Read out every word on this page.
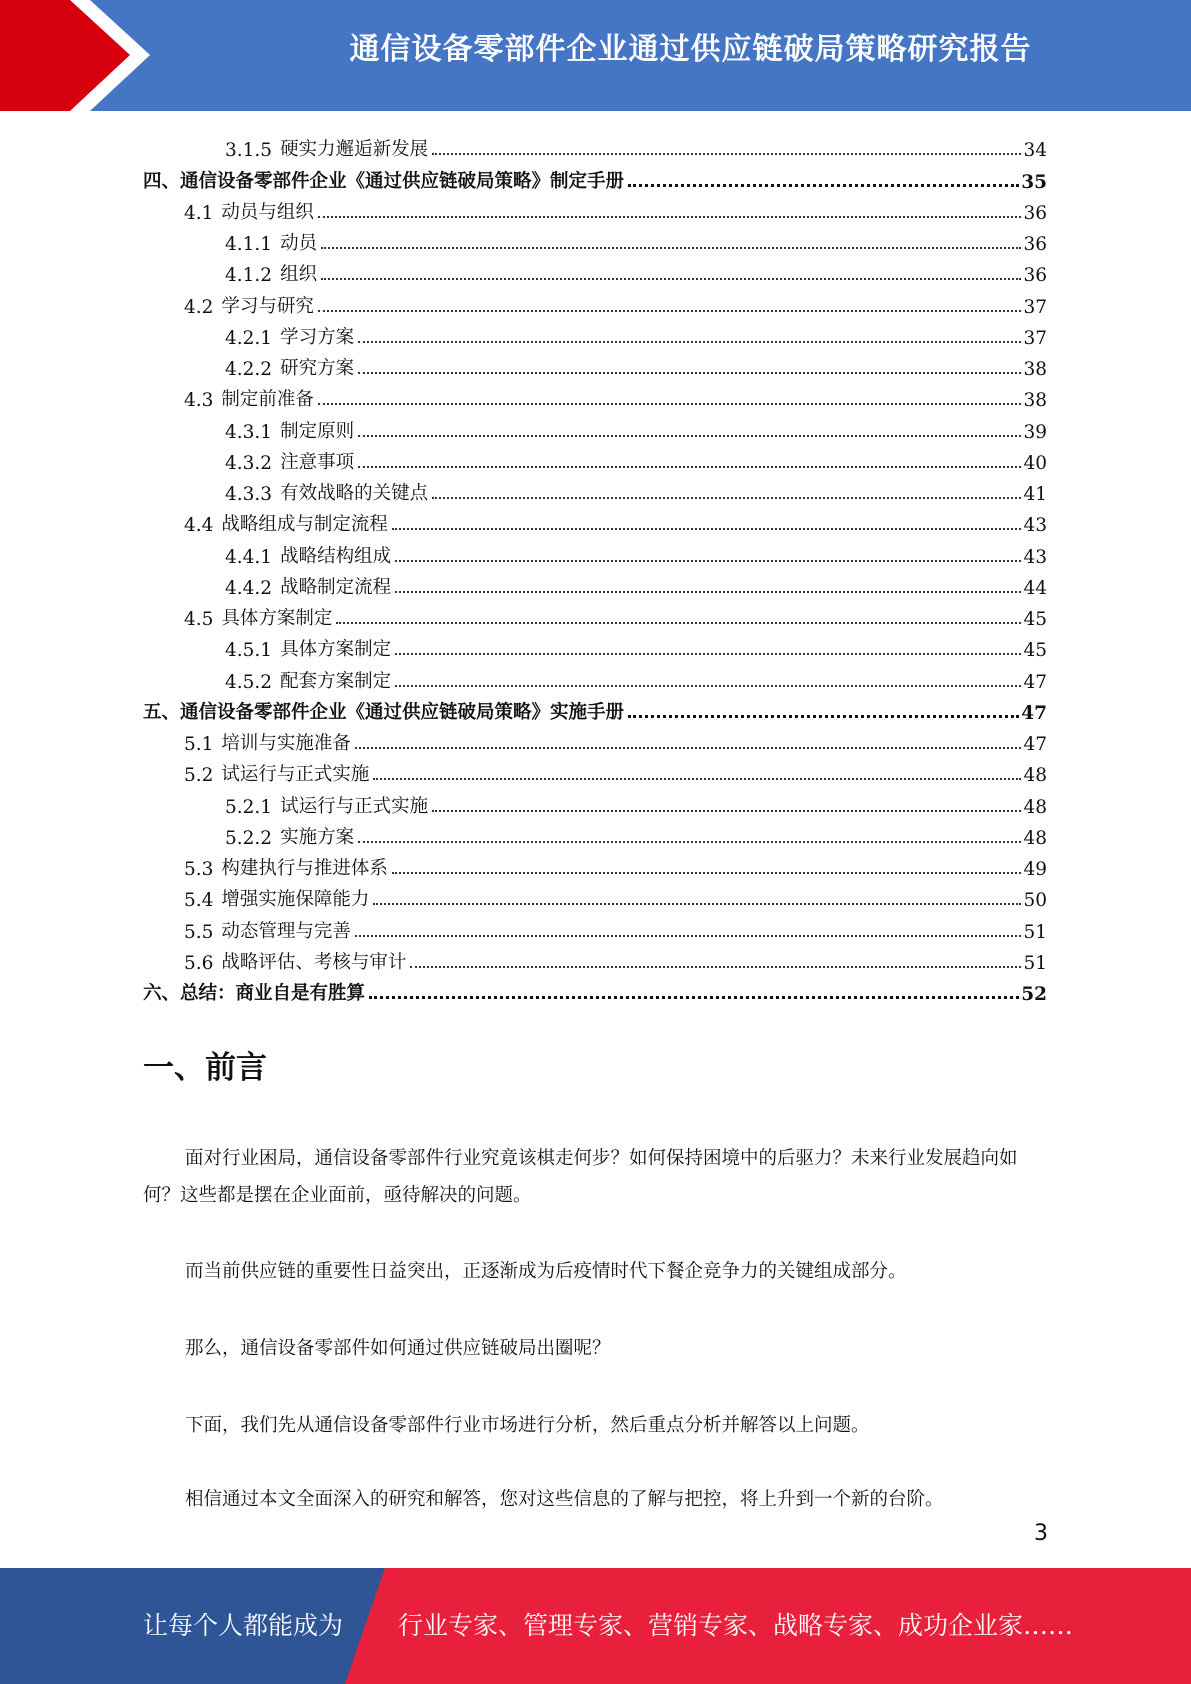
通信设备零部件企业通过供应链破局策略研究报告
3.1.5 硬实力邂逅新发展	34
四、通信设备零部件企业《通过供应链破局策略》制定手册	35
4.1 动员与组织	36
4.1.1 动员	36
4.1.2 组织	36
4.2 学习与研究	37
4.2.1 学习方案	37
4.2.2 研究方案	38
4.3 制定前准备	38
4.3.1 制定原则	39
4.3.2 注意事项	40
4.3.3 有效战略的关键点	41
4.4 战略组成与制定流程	43
4.4.1 战略结构组成	43
4.4.2 战略制定流程	44
4.5 具体方案制定	45
4.5.1 具体方案制定	45
4.5.2 配套方案制定	47
五、通信设备零部件企业《通过供应链破局策略》实施手册	47
5.1 培训与实施准备	47
5.2 试运行与正式实施	48
5.2.1 试运行与正式实施	48
5.2.2 实施方案	48
5.3 构建执行与推进体系	49
5.4 增强实施保障能力	50
5.5 动态管理与完善	51
5.6 战略评估、考核与审计	51
六、总结：商业自是有胜算	52
一、前言

面对行业困局，通信设备零部件行业究竟该棋走何步？如何保持困境中的后驱力？未来行业发展趋向如何？这些都是摆在企业面前，亟待解决的问题。

而当前供应链的重要性日益突出，正逐渐成为后疫情时代下餐企竞争力的关键组成部分。

那么，通信设备零部件如何通过供应链破局出圈呢？

下面，我们先从通信设备零部件行业市场进行分析，然后重点分析并解答以上问题。

相信通过本文全面深入的研究和解答，您对这些信息的了解与把控，将上升到一个新的台阶。

3
让每个人都能成为 行业专家、管理专家、营销专家、战略专家、成功企业家……
